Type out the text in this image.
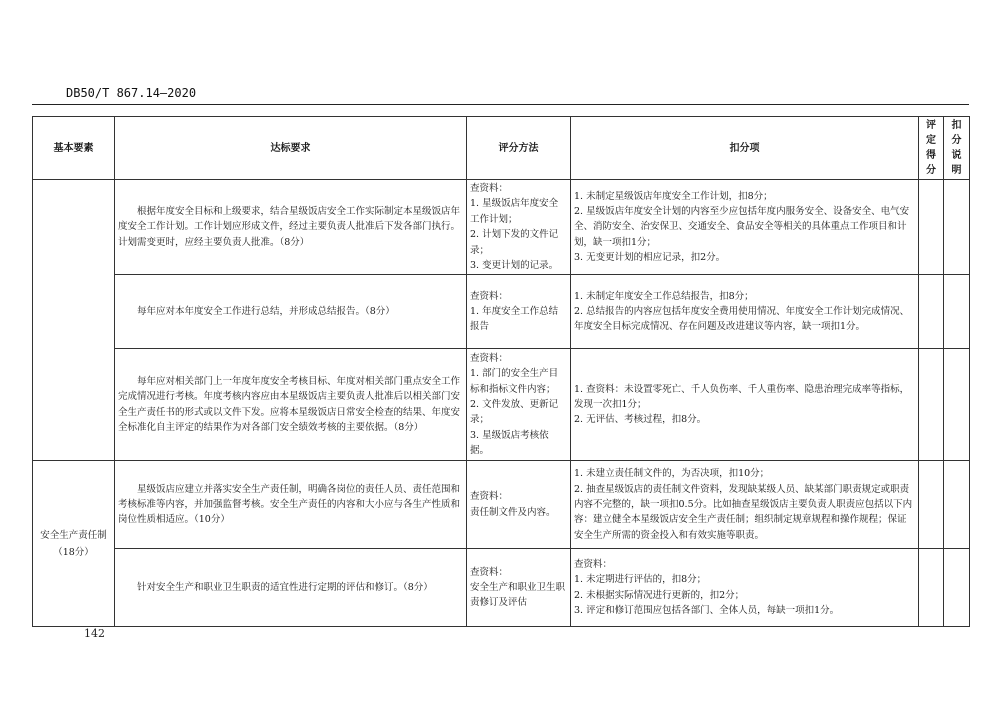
DB50/T 867.14—2020
基本要素	达标要求	评分方法	扣分项	评定得分	扣分说明
	根据年度安全目标和上级要求，结合星级饭店安全工作实际制定本星级饭店年度安全工作计划。工作计划应形成文件，经过主要负责人批准后下发各部门执行。计划需变更时，应经主要负责人批准。（8分）	查资料：
1. 星级饭店年度安全工作计划；
2. 计划下发的文件记录；
3. 变更计划的记录。	1. 未制定星级饭店年度安全工作计划，扣8分；
2. 星级饭店年度安全计划的内容至少应包括年度内服务安全、设备安全、电气安全、消防安全、治安保卫、交通安全、食品安全等相关的具体重点工作项目和计划，缺一项扣1分；
3. 无变更计划的相应记录，扣2分。		

	每年应对本年度安全工作进行总结，并形成总结报告。（8分）	查资料：
1. 年度安全工作总结报告	1. 未制定年度安全工作总结报告，扣8分；
2. 总结报告的内容应包括年度安全费用使用情况、年度安全工作计划完成情况、年度安全目标完成情况、存在问题及改进建议等内容，缺一项扣1分。		

	每年应对相关部门上一年度年度安全考核目标、年度对相关部门重点安全工作完成情况进行考核。年度考核内容应由本星级饭店主要负责人批准后以相关部门安全生产责任书的形式或以文件下发。应将本星级饭店日常安全检查的结果、年度安全标准化自主评定的结果作为对各部门安全绩效考核的主要依据。（8分）	查资料：
1. 部门的安全生产目标和指标文件内容；
2. 文件发放、更新记录；
3. 星级饭店考核依据。	1. 查资料：未设置零死亡、千人负伤率、千人重伤率、隐患治理完成率等指标，发现一次扣1分；
2. 无评估、考核过程，扣8分。		

安全生产责任制
（18分）	星级饭店应建立并落实安全生产责任制，明确各岗位的责任人员、责任范围和考核标准等内容，并加强监督考核。安全生产责任的内容和大小应与各生产性质和岗位性质相适应。（10分）	查资料：
责任制文件及内容。	1. 未建立责任制文件的，为否决项，扣10分；
2. 抽查星级饭店的责任制文件资料，发现缺某级人员、缺某部门职责规定或职责内容不完整的，缺一项扣0.5分。比如抽查星级饭店主要负责人职责应包括以下内容：建立健全本星级饭店安全生产责任制；组织制定规章规程和操作规程；保证安全生产所需的资金投入和有效实施等职责。		

	针对安全生产和职业卫生职责的适宜性进行定期的评估和修订。（8分）	查资料：
安全生产和职业卫生职责修订及评估	查资料：
1. 未定期进行评估的，扣8分；
2. 未根据实际情况进行更新的，扣2分；
3. 评定和修订范围应包括各部门、全体人员，每缺一项扣1分。		

142
